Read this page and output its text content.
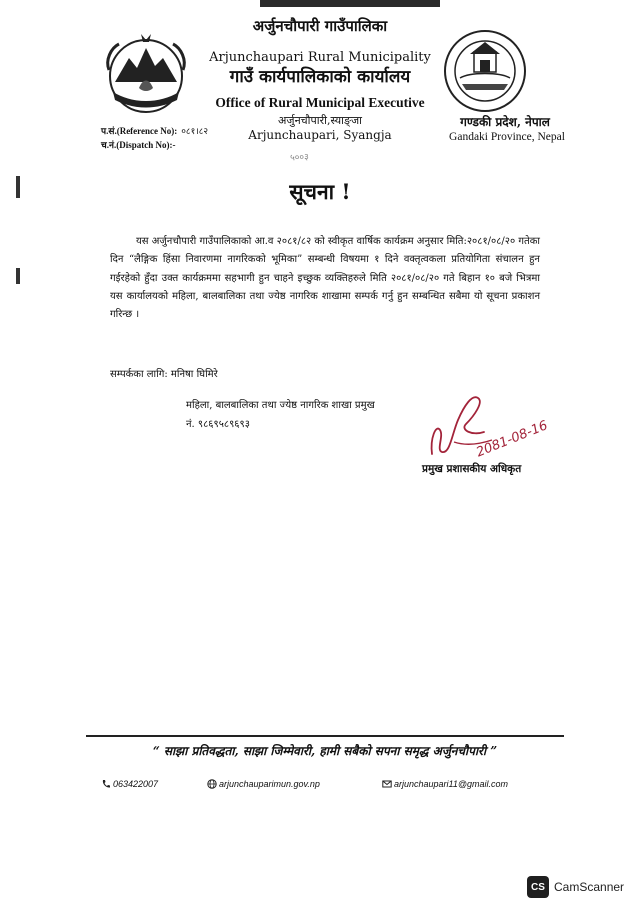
अर्जुनचौपारी गाउँपालिका
Arjunchaupari Rural Municipality
गाउँ कार्यपालिकाको कार्यालय
Office of Rural Municipal Executive
अर्जुनचौपारी,स्याङ्जा
Arjunchaupari, Syangja
गण्डकी प्रदेश, नेपाल
Gandaki Province, Nepal
प.सं.(Reference No): ०८१।८२
च.नं.(Dispatch No):-
५००३
सूचना !
यस अर्जुनचौपारी गाउँपालिकाको आ.व २०८१/८२ को स्वीकृत वार्षिक कार्यक्रम अनुसार मिति:२०८१/०८/२० गतेका दिन “लैङ्गिक हिंसा निवारणमा नागरिकको भूमिका” सम्बन्धी विषयमा १ दिने वक्तृत्वकला प्रतियोगिता संचालन हुन गईरहेको हुँदा उक्त कार्यक्रममा सहभागी हुन चाहने इच्छुक व्यक्तिहरुले मिति २०८१/०८/२० गते बिहान १० बजे भित्रमा यस कार्यालयको महिला, बालबालिका तथा ज्येष्ठ नागरिक शाखामा सम्पर्क गर्नु हुन सम्बन्धित सबैमा यो सूचना प्रकाशन गरिन्छ ।
सम्पर्कका लागि: मनिषा घिमिरे
महिला, बालबालिका तथा ज्येष्ठ नागरिक शाखा प्रमुख
नं. ९८६९५८९६९३	2081-08-16
प्रमुख प्रशासकीय अधिकृत
“ साझा प्रतिवद्धता, साझा जिम्मेवारी, हामी सबैको सपना समृद्ध अर्जुनचौपारी ”
063422007	arjunchauparimun.gov.np	arjunchaupari11@gmail.com
CS CamScanner
